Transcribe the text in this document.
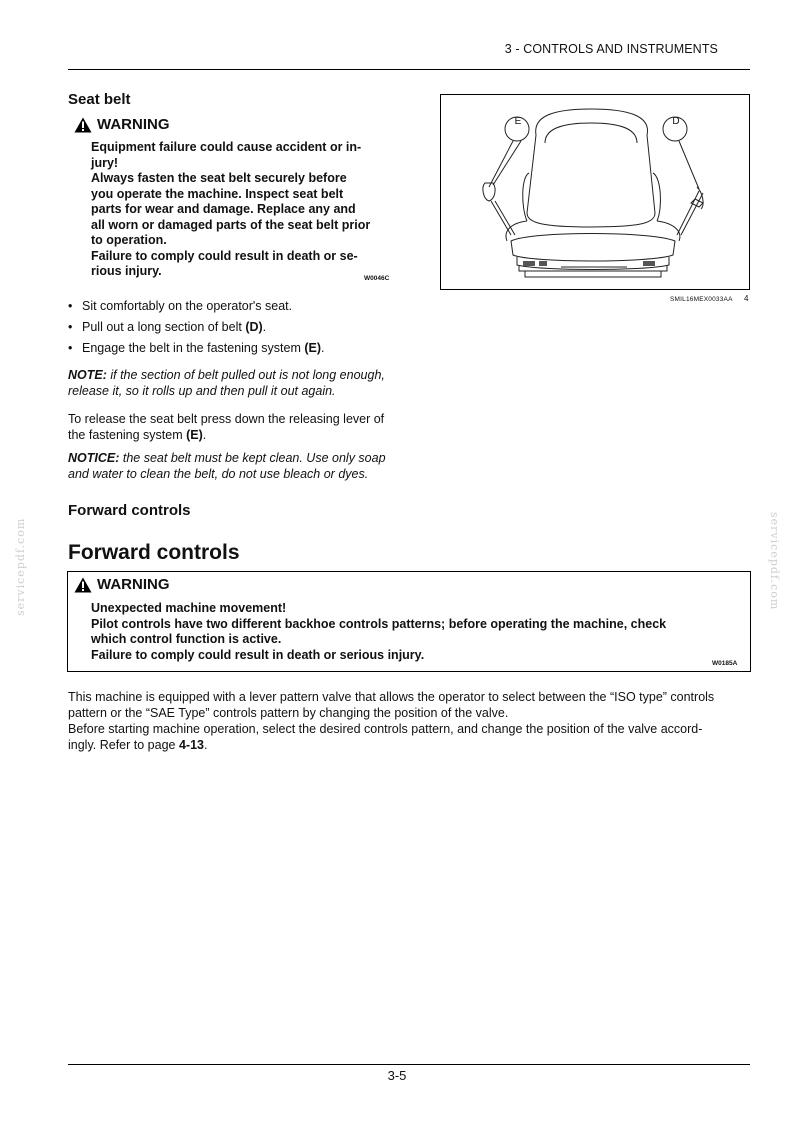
3 - CONTROLS AND INSTRUMENTS
Seat belt
WARNING
Equipment failure could cause accident or in-
jury!
Always fasten the seat belt securely before
you operate the machine. Inspect seat belt
parts for wear and damage. Replace any and
all worn or damaged parts of the seat belt prior
to operation.
Failure to comply could result in death or se-
rious injury.
W0046C
• Sit comfortably on the operator's seat.
• Pull out a long section of belt (D).
• Engage the belt in the fastening system (E).
NOTE: if the section of belt pulled out is not long enough,
release it, so it rolls up and then pull it out again.
To release the seat belt press down the releasing lever of
the fastening system (E).
NOTICE: the seat belt must be kept clean. Use only soap
and water to clean the belt, do not use bleach or dyes.
E	D
SMIL16MEX0033AA 4
Forward controls
Forward controls
WARNING
Unexpected machine movement!
Pilot controls have two different backhoe controls patterns; before operating the machine, check
which control function is active.
Failure to comply could result in death or serious injury.
W0185A
This machine is equipped with a lever pattern valve that allows the operator to select between the “ISO type” controls
pattern or the “SAE Type” controls pattern by changing the position of the valve.
Before starting machine operation, select the desired controls pattern, and change the position of the valve accord-
ingly. Refer to page 4-13.
servicepdf.com	servicepdf.com
3-5
